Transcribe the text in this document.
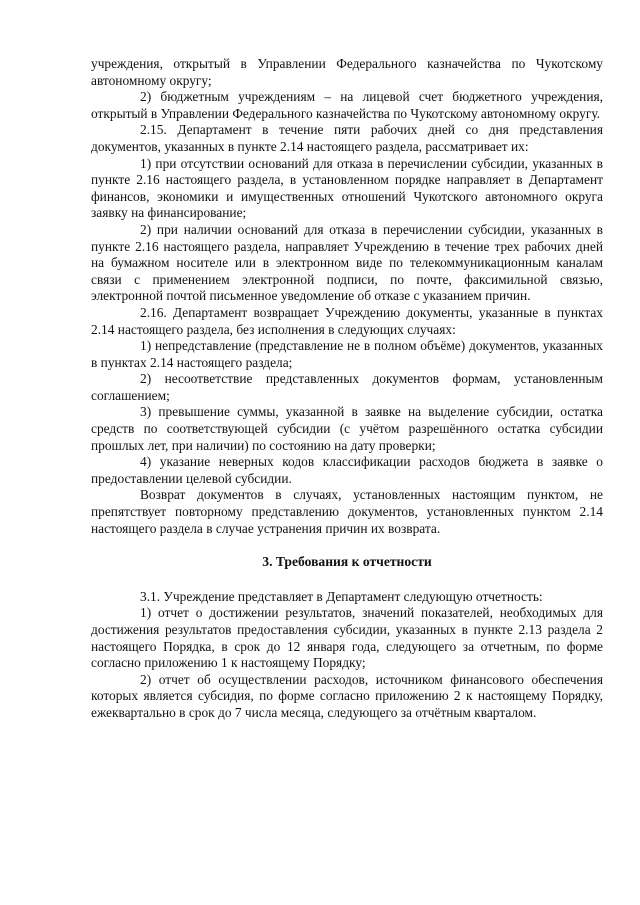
учреждения, открытый в Управлении Федерального казначейства по Чукотскому автономному округу;

2) бюджетным учреждениям – на лицевой счет бюджетного учреждения, открытый в Управлении Федерального казначейства по Чукотскому автономному округу.

2.15. Департамент в течение пяти рабочих дней со дня представления документов, указанных в пункте 2.14 настоящего раздела, рассматривает их:

1) при отсутствии оснований для отказа в перечислении субсидии, указанных в пункте 2.16 настоящего раздела, в установленном порядке направляет в Департамент финансов, экономики и имущественных отношений Чукотского автономного округа заявку на финансирование;

2) при наличии оснований для отказа в перечислении субсидии, указанных в пункте 2.16 настоящего раздела, направляет Учреждению в течение трех рабочих дней на бумажном носителе или в электронном виде по телекоммуникационным каналам связи с применением электронной подписи, по почте, факсимильной связью, электронной почтой письменное уведомление об отказе с указанием причин.

2.16. Департамент возвращает Учреждению документы, указанные в пунктах 2.14 настоящего раздела, без исполнения в следующих случаях:

1) непредставление (представление не в полном объёме) документов, указанных в пунктах 2.14 настоящего раздела;

2) несоответствие представленных документов формам, установленным соглашением;

3) превышение суммы, указанной в заявке на выделение субсидии, остатка средств по соответствующей субсидии (с учётом разрешённого остатка субсидии прошлых лет, при наличии) по состоянию на дату проверки;

4) указание неверных кодов классификации расходов бюджета в заявке о предоставлении целевой субсидии.

Возврат документов в случаях, установленных настоящим пунктом, не препятствует повторному представлению документов, установленных пунктом 2.14 настоящего раздела в случае устранения причин их возврата.

3. Требования к отчетности

3.1. Учреждение представляет в Департамент следующую отчетность:

1) отчет о достижении результатов, значений показателей, необходимых для достижения результатов предоставления субсидии, указанных в пункте 2.13 раздела 2 настоящего Порядка, в срок до 12 января года, следующего за отчетным, по форме согласно приложению 1 к настоящему Порядку;

2) отчет об осуществлении расходов, источником финансового обеспечения которых является субсидия, по форме согласно приложению 2 к настоящему Порядку, ежеквартально в срок до 7 числа месяца, следующего за отчётным кварталом.
